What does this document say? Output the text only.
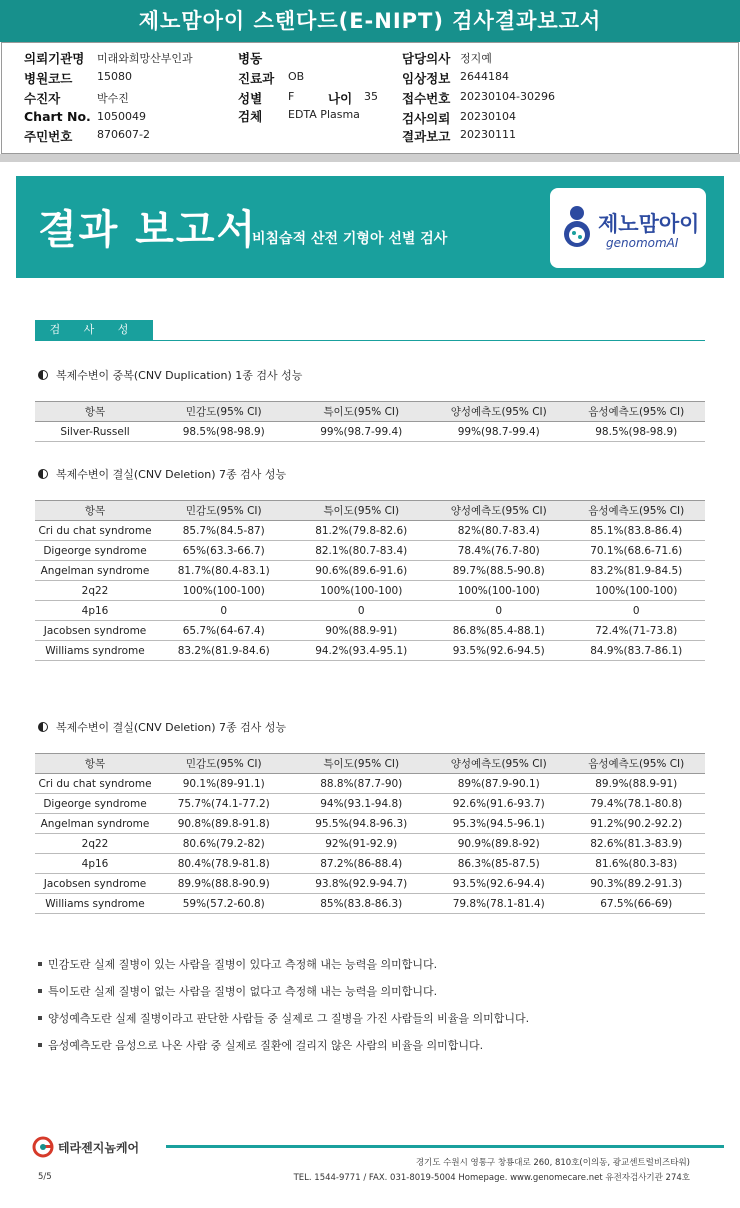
제노맘아이 스탠다드(E-NIPT) 검사결과보고서
의뢰기관명 미래와희망산부인과
병원코드 15080
수진자	박수진
Chart No. 1050049
주민번호 870607-2
병동
진료과 OB
성별 F
검체 EDTA Plasma
나이 35
담당의사 정지예
임상정보 2644184
접수번호 20230104-30296
검사의뢰 20230104
결과보고 20230111
결과 보고서
비침습적 산전 기형아 선별 검사
제노맘아이
genomomAI
검 사 성 능
복제수변이 중복(CNV Duplication) 1종 검사 성능
항목	민감도(95% CI)	특이도(95% CI)	양성예측도(95% CI)	음성예측도(95% CI)
Silver-Russell	98.5%(98-98.9)	99%(98.7-99.4)	99%(98.7-99.4)	98.5%(98-98.9)
복제수변이 결실(CNV Deletion) 7종 검사 성능
항목	민감도(95% CI)	특이도(95% CI)	양성예측도(95% CI)	음성예측도(95% CI)
Cri du chat syndrome	85.7%(84.5-87)	81.2%(79.8-82.6)	82%(80.7-83.4)	85.1%(83.8-86.4)
Digeorge syndrome	65%(63.3-66.7)	82.1%(80.7-83.4)	78.4%(76.7-80)	70.1%(68.6-71.6)
Angelman syndrome	81.7%(80.4-83.1)	90.6%(89.6-91.6)	89.7%(88.5-90.8)	83.2%(81.9-84.5)
2q22	100%(100-100)	100%(100-100)	100%(100-100)	100%(100-100)
4p16	0	0	0	0
Jacobsen syndrome	65.7%(64-67.4)	90%(88.9-91)	86.8%(85.4-88.1)	72.4%(71-73.8)
Williams syndrome	83.2%(81.9-84.6)	94.2%(93.4-95.1)	93.5%(92.6-94.5)	84.9%(83.7-86.1)
복제수변이 결실(CNV Deletion) 7종 검사 성능
항목	민감도(95% CI)	특이도(95% CI)	양성예측도(95% CI)	음성예측도(95% CI)
Cri du chat syndrome	90.1%(89-91.1)	88.8%(87.7-90)	89%(87.9-90.1)	89.9%(88.9-91)
Digeorge syndrome	75.7%(74.1-77.2)	94%(93.1-94.8)	92.6%(91.6-93.7)	79.4%(78.1-80.8)
Angelman syndrome	90.8%(89.8-91.8)	95.5%(94.8-96.3)	95.3%(94.5-96.1)	91.2%(90.2-92.2)
2q22	80.6%(79.2-82)	92%(91-92.9)	90.9%(89.8-92)	82.6%(81.3-83.9)
4p16	80.4%(78.9-81.8)	87.2%(86-88.4)	86.3%(85-87.5)	81.6%(80.3-83)
Jacobsen syndrome	89.9%(88.8-90.9)	93.8%(92.9-94.7)	93.5%(92.6-94.4)	90.3%(89.2-91.3)
Williams syndrome	59%(57.2-60.8)	85%(83.8-86.3)	79.8%(78.1-81.4)	67.5%(66-69)
민감도란 실제 질병이 있는 사람을 질병이 있다고 측정해 내는 능력을 의미합니다.
특이도란 실제 질병이 없는 사람을 질병이 없다고 측정해 내는 능력을 의미합니다.
양성예측도란 실제 질병이라고 판단한 사람들 중 실제로 그 질병을 가진 사람들의 비율을 의미합니다.
음성예측도란 음성으로 나온 사람 중 실제로 질환에 걸리지 않은 사람의 비율을 의미합니다.
테라젠지놈케어
경기도 수원시 영통구 창룡대로 260, 810호(이의동, 광교센트럴비즈타워)
TEL. 1544-9771 / FAX. 031-8019-5004 Homepage. www.genomecare.net 유전자검사기관 274호
5/5
